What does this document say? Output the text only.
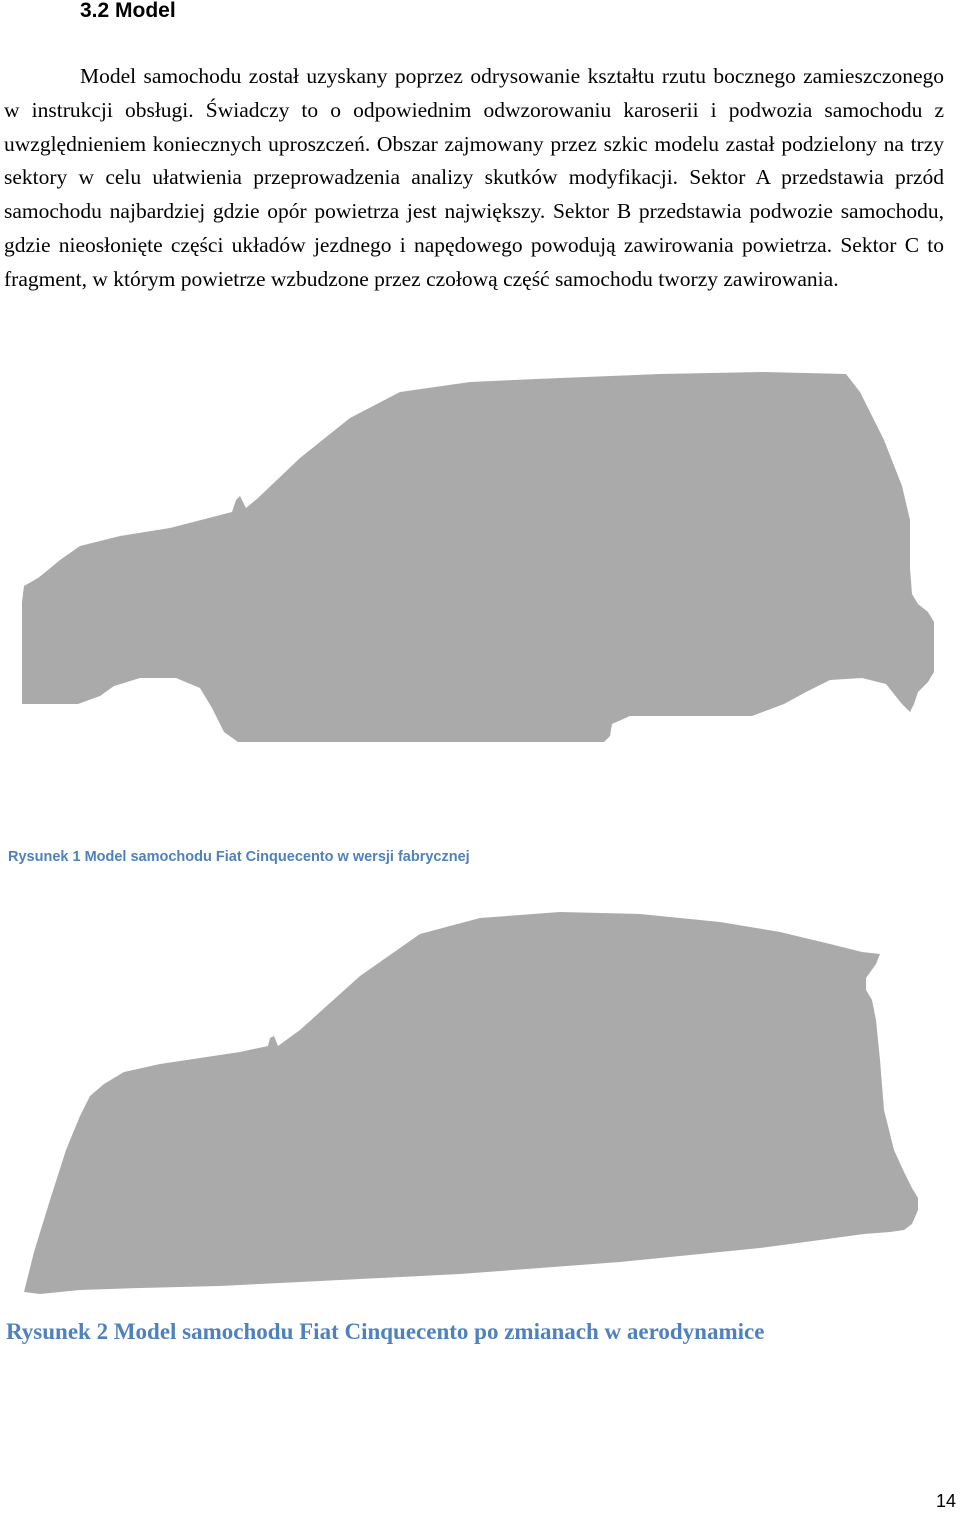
3.2 Model

Model samochodu został uzyskany poprzez odrysowanie kształtu rzutu bocznego zamieszczonego w instrukcji obsługi. Świadczy to o odpowiednim odwzorowaniu karoserii i podwozia samochodu z uwzględnieniem koniecznych uproszczeń. Obszar zajmowany przez szkic modelu zastał podzielony na trzy sektory w celu ułatwienia przeprowadzenia analizy skutków modyfikacji. Sektor A przedstawia przód samochodu najbardziej gdzie opór powietrza jest największy. Sektor B przedstawia podwozie samochodu, gdzie nieosłonięte części układów jezdnego i napędowego powodują zawirowania powietrza. Sektor C to fragment, w którym powietrze wzbudzone przez czołową część samochodu tworzy zawirowania.

Rysunek 1 Model samochodu Fiat Cinquecento w wersji fabrycznej

Rysunek 2 Model samochodu Fiat Cinquecento po zmianach w aerodynamice

14
